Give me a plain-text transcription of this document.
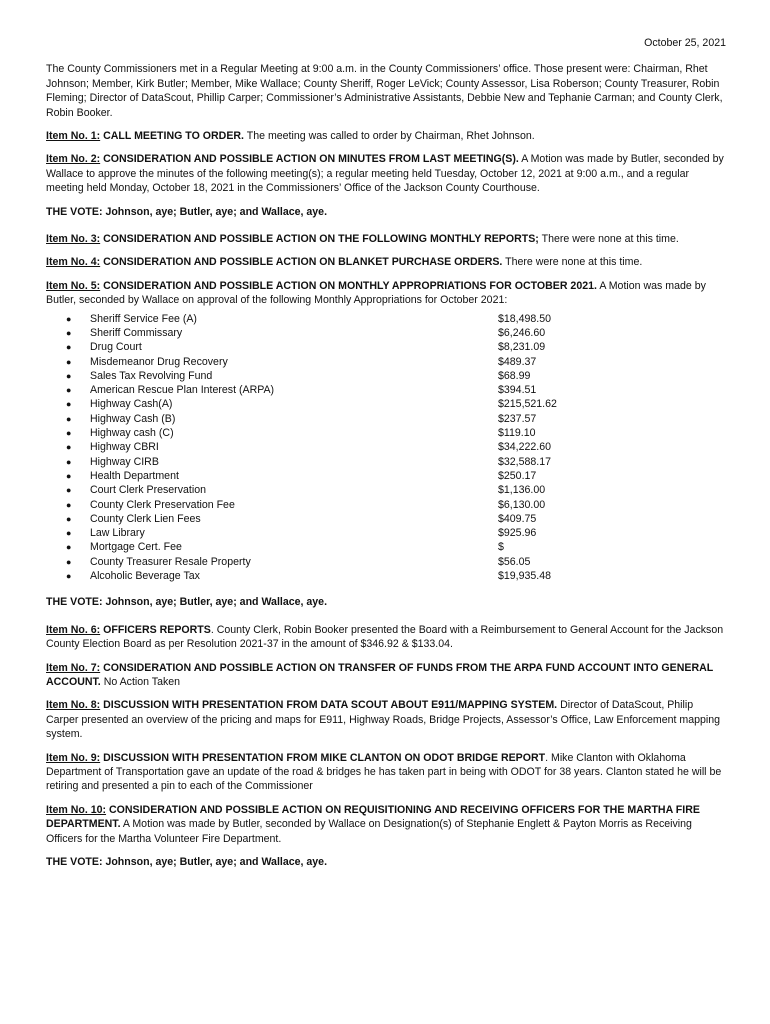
October 25, 2021

The County Commissioners met in a Regular Meeting at 9:00 a.m. in the County Commissioners’ office. Those present were: Chairman, Rhet Johnson; Member, Kirk Butler; Member, Mike Wallace; County Sheriff, Roger LeVick; County Assessor, Lisa Roberson; County Treasurer, Robin Fleming; Director of DataScout, Phillip Carper; Commissioner’s Administrative Assistants, Debbie New and Tephanie Carman; and County Clerk, Robin Booker.

Item No. 1: CALL MEETING TO ORDER. The meeting was called to order by Chairman, Rhet Johnson.

Item No. 2: CONSIDERATION AND POSSIBLE ACTION ON MINUTES FROM LAST MEETING(S). A Motion was made by Butler, seconded by Wallace to approve the minutes of the following meeting(s); a regular meeting held Tuesday, October 12, 2021 at 9:00 a.m., and a regular meeting held Monday, October 18, 2021 in the Commissioners’ Office of the Jackson County Courthouse.

THE VOTE: Johnson, aye; Butler, aye; and Wallace, aye.

Item No. 3: CONSIDERATION AND POSSIBLE ACTION ON THE FOLLOWING MONTHLY REPORTS; There were none at this time.

Item No. 4: CONSIDERATION AND POSSIBLE ACTION ON BLANKET PURCHASE ORDERS. There were none at this time.

Item No. 5: CONSIDERATION AND POSSIBLE ACTION ON MONTHLY APPROPRIATIONS FOR OCTOBER 2021. A Motion was made by Butler, seconded by Wallace on approval of the following Monthly Appropriations for October 2021:

●	Sheriff Service Fee (A)	$18,498.50
●	Sheriff Commissary	$6,246.60
●	Drug Court	$8,231.09
●	Misdemeanor Drug Recovery	$489.37
●	Sales Tax Revolving Fund	$68.99
●	American Rescue Plan Interest (ARPA)	$394.51
●	Highway Cash(A)	$215,521.62
●	Highway Cash (B)	$237.57
●	Highway cash (C)	$119.10
●	Highway CBRI	$34,222.60
●	Highway CIRB	$32,588.17
●	Health Department	$250.17
●	Court Clerk Preservation	$1,136.00
●	County Clerk Preservation Fee	$6,130.00
●	County Clerk Lien Fees	$409.75
●	Law Library	$925.96
●	Mortgage Cert. Fee	$
●	County Treasurer Resale Property	$56.05
●	Alcoholic Beverage Tax	$19,935.48

THE VOTE: Johnson, aye; Butler, aye; and Wallace, aye.

Item No. 6: OFFICERS REPORTS. County Clerk, Robin Booker presented the Board with a Reimbursement to General Account for the Jackson County Election Board as per Resolution 2021-37 in the amount of $346.92 & $133.04.

Item No. 7: CONSIDERATION AND POSSIBLE ACTION ON TRANSFER OF FUNDS FROM THE ARPA FUND ACCOUNT INTO GENERAL ACCOUNT. No Action Taken

Item No. 8: DISCUSSION WITH PRESENTATION FROM DATA SCOUT ABOUT E911/MAPPING SYSTEM. Director of DataScout, Philip Carper presented an overview of the pricing and maps for E911, Highway Roads, Bridge Projects, Assessor’s Office, Law Enforcement mapping system.

Item No. 9: DISCUSSION WITH PRESENTATION FROM MIKE CLANTON ON ODOT BRIDGE REPORT. Mike Clanton with Oklahoma Department of Transportation gave an update of the road & bridges he has taken part in being with ODOT for 38 years. Clanton stated he will be retiring and presented a pin to each of the Commissioner

Item No. 10: CONSIDERATION AND POSSIBLE ACTION ON REQUISITIONING AND RECEIVING OFFICERS FOR THE MARTHA FIRE DEPARTMENT. A Motion was made by Butler, seconded by Wallace on Designation(s) of Stephanie Englett & Payton Morris as Receiving Officers for the Martha Volunteer Fire Department.

THE VOTE: Johnson, aye; Butler, aye; and Wallace, aye.
